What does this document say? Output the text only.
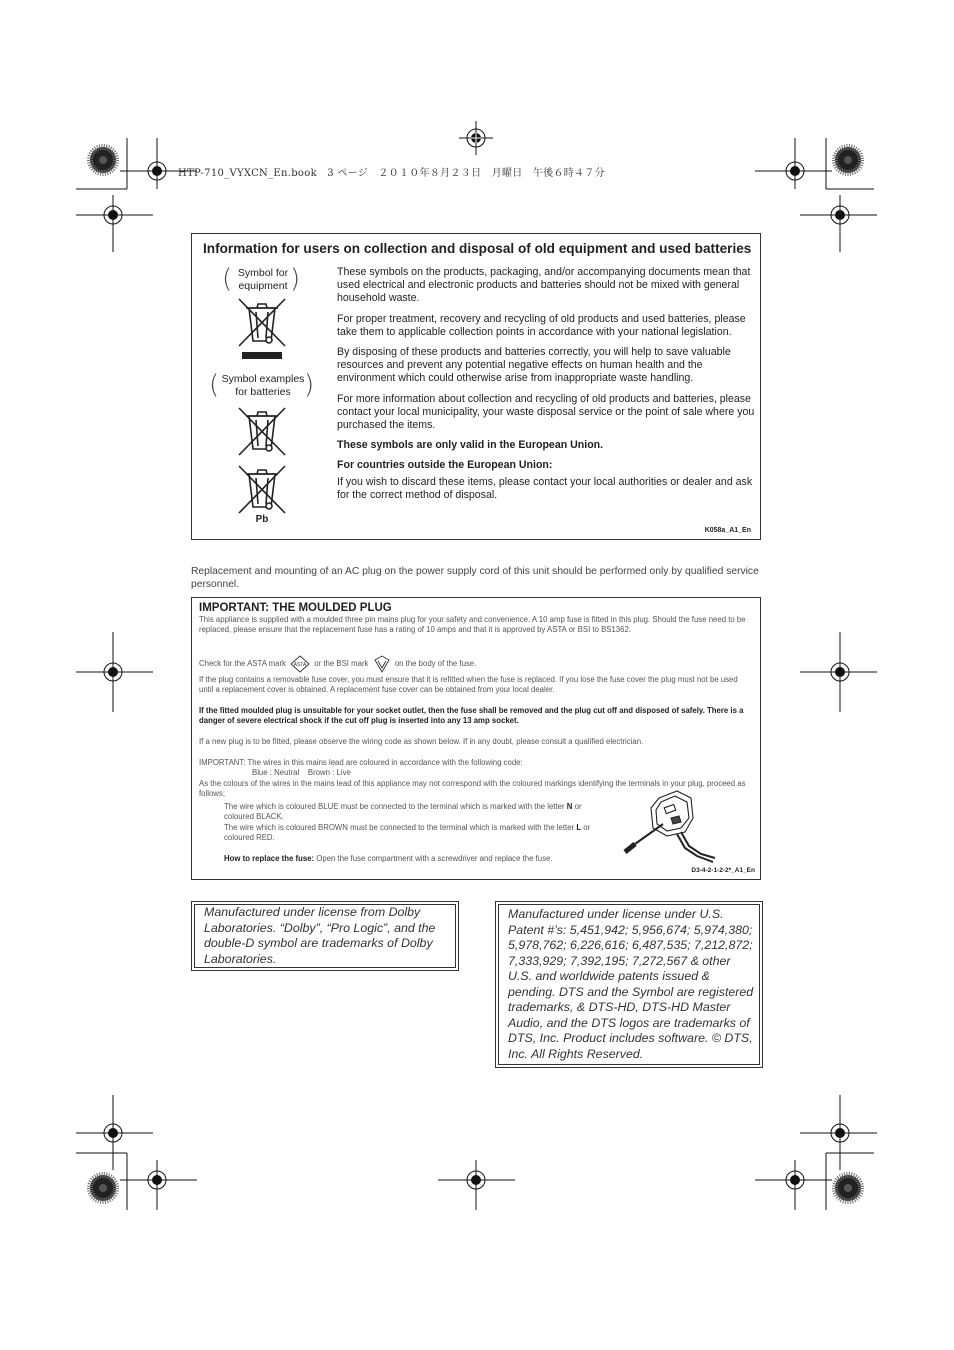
HTP-710_VYXCN_En.book　3 ページ　２０１０年８月２３日　月曜日　午後６時４７分
Information for users on collection and disposal of old equipment and used batteries
( Symbol for
equipment )
( Symbol examples
for batteries )
Pb

These symbols on the products, packaging, and/or accompanying documents mean that used electrical and electronic products and batteries should not be mixed with general household waste.

For proper treatment, recovery and recycling of old products and used batteries, please take them to applicable collection points in accordance with your national legislation.

By disposing of these products and batteries correctly, you will help to save valuable resources and prevent any potential negative effects on human health and the environment which could otherwise arise from inappropriate waste handling.

For more information about collection and recycling of old products and batteries, please contact your local municipality, your waste disposal service or the point of sale where you purchased the items.

These symbols are only valid in the European Union.

For countries outside the European Union:

If you wish to discard these items, please contact your local authorities or dealer and ask for the correct method of disposal.

K058a_A1_En
Replacement and mounting of an AC plug on the power supply cord of this unit should be performed only by qualified service personnel.
IMPORTANT: THE MOULDED PLUG
This appliance is supplied with a moulded three pin mains plug for your safety and convenience. A 10 amp fuse is fitted in this plug. Should the fuse need to be replaced, please ensure that the replacement fuse has a rating of 10 amps and that it is approved by ASTA or BSI to BS1362.
Check for the ASTA mark ASTA or the BSI mark	on the body of the fuse.
If the plug contains a removable fuse cover, you must ensure that it is refitted when the fuse is replaced. If you lose the fuse cover the plug must not be used until a replacement cover is obtained. A replacement fuse cover can be obtained from your local dealer.
If the fitted moulded plug is unsuitable for your socket outlet, then the fuse shall be removed and the plug cut off and disposed of safely. There is a danger of severe electrical shock if the cut off plug is inserted into any 13 amp socket.
If a new plug is to be fitted, please observe the wiring code as shown below. If in any doubt, please consult a qualified electrician.
IMPORTANT: The wires in this mains lead are coloured in accordance with the following code:
Blue : Neutral    Brown : Live
As the colours of the wires in the mains lead of this appliance may not correspond with the coloured markings identifying the terminals in your plug, proceed as follows;
The wire which is coloured BLUE must be connected to the terminal which is marked with the letter N or coloured BLACK.
The wire which is coloured BROWN must be connected to the terminal which is marked with the letter L or coloured RED.
How to replace the fuse: Open the fuse compartment with a screwdriver and replace the fuse.
D3-4-2-1-2-2*_A1_En
Manufactured under license from Dolby Laboratories. “Dolby”, “Pro Logic”, and the double-D symbol are trademarks of Dolby Laboratories.
Manufactured under license under U.S. Patent #’s: 5,451,942; 5,956,674; 5,974,380; 5,978,762; 6,226,616; 6,487,535; 7,212,872; 7,333,929; 7,392,195; 7,272,567 & other U.S. and worldwide patents issued & pending. DTS and the Symbol are registered trademarks, & DTS-HD, DTS-HD Master Audio, and the DTS logos are trademarks of DTS, Inc. Product includes software. © DTS, Inc. All Rights Reserved.
